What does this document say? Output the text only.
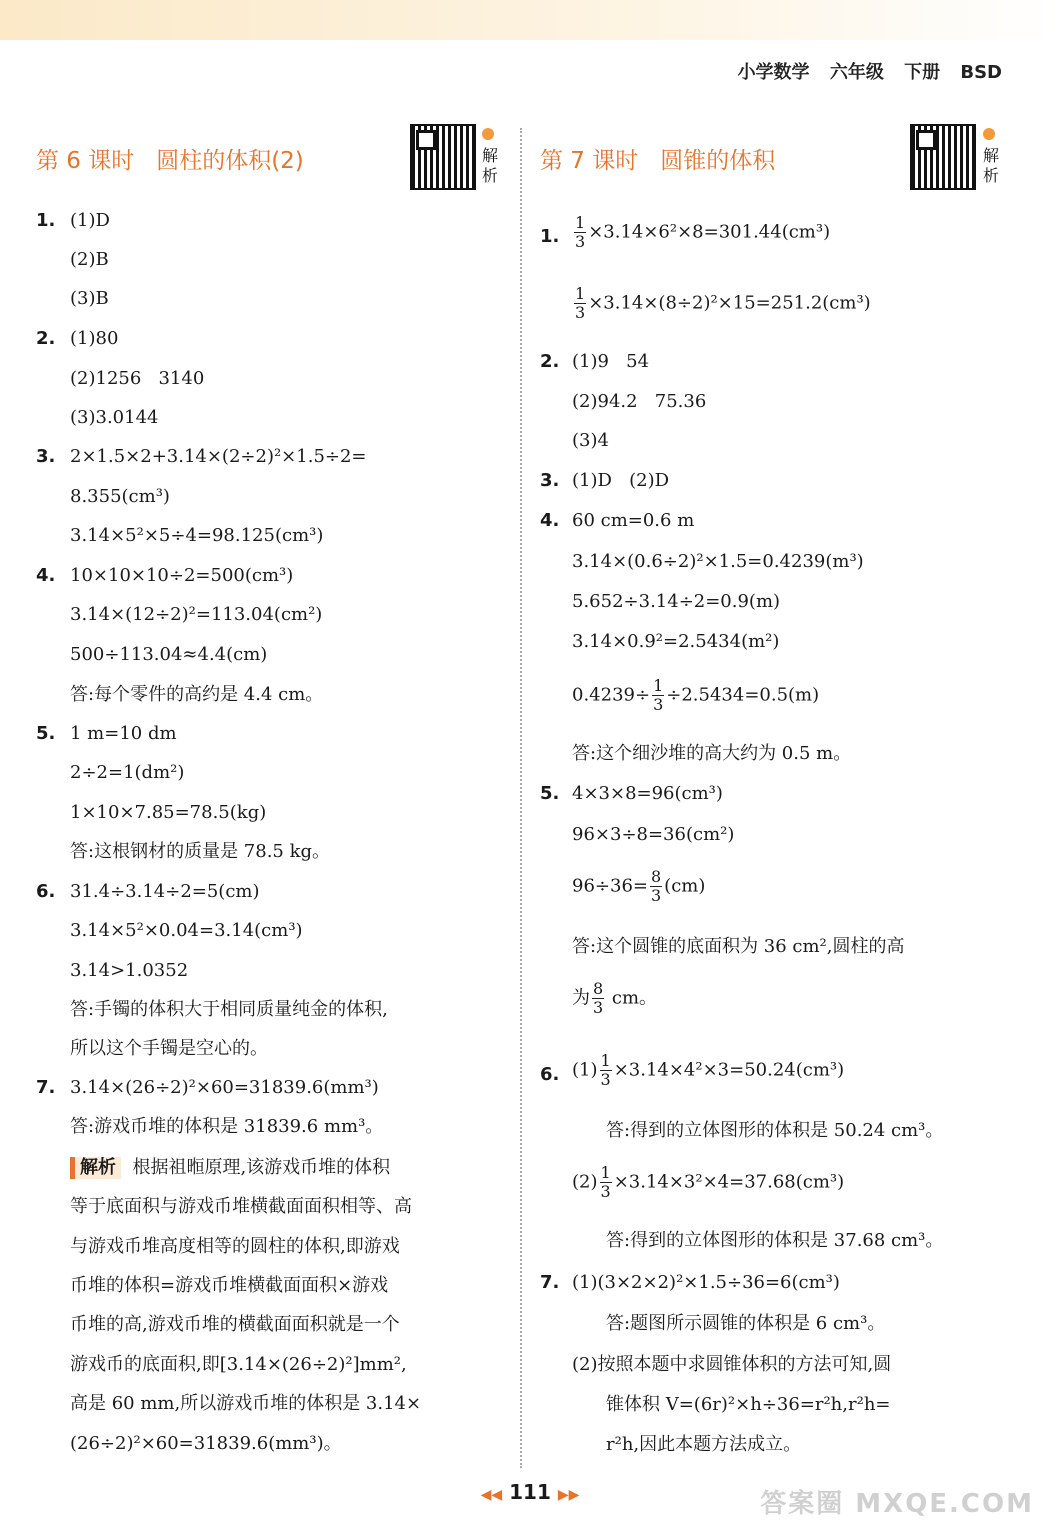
小学数学 六年级 下册 BSD
第 6 课时   圆柱的体积(2)	解析
1. (1)D
(2)B
(3)B
2. (1)80
(2)1256   3140
(3)3.0144
3. 2×1.5×2+3.14×(2÷2)²×1.5÷2=
8.355(cm³)
3.14×5²×5÷4=98.125(cm³)
4. 10×10×10÷2=500(cm³)
3.14×(12÷2)²=113.04(cm²)
500÷113.04≈4.4(cm)
答:每个零件的高约是 4.4 cm。
5. 1 m=10 dm
2÷2=1(dm²)
1×10×7.85=78.5(kg)
答:这根钢材的质量是 78.5 kg。
6. 31.4÷3.14÷2=5(cm)
3.14×5²×0.04=3.14(cm³)
3.14>1.0352
答:手镯的体积大于相同质量纯金的体积,
所以这个手镯是空心的。
7. 3.14×(26÷2)²×60=31839.6(mm³)
答:游戏币堆的体积是 31839.6 mm³。
解析  根据祖暅原理,该游戏币堆的体积
等于底面积与游戏币堆横截面面积相等、高
与游戏币堆高度相等的圆柱的体积,即游戏
币堆的体积=游戏币堆横截面面积×游戏
币堆的高,游戏币堆的横截面面积就是一个
游戏币的底面积,即[3.14×(26÷2)²]mm²,
高是 60 mm,所以游戏币堆的体积是 3.14×
(26÷2)²×60=31839.6(mm³)。
第 7 课时   圆锥的体积	解析
1. $\frac{1}{3} \times 3.14\times 6^2\times 8=301.44(cm^3)$
$\frac{1}{3} \times 3.14\times(8\div 2)^2\times 15=251.2(cm^3)$
2. (1)9   54
(2)94.2   75.36
(3)4
3. (1)D   (2)D
4. 60 cm=0.6 m
3.14×(0.6÷2)²×1.5=0.4239(m³)
5.652÷3.14÷2=0.9(m)
3.14×0.9²=2.5434(m²)
$0.4239\div \frac{1}{3} \div 2.5434=0.5(m)$
答:这个细沙堆的高大约为 0.5 m。
5. 4×3×8=96(cm³)
96×3÷8=36(cm²)
$96\div 36= \frac{8}{3} (cm)$
答:这个圆锥的底面积为 36 cm²,圆柱的高
为 $\frac{8}{3}$ cm。
6. $(1) \frac{1}{3} \times 3.14\times 4^2\times 3=50.24(cm^3)$
答:得到的立体图形的体积是 50.24 cm³。
$(2) \frac{1}{3} \times 3.14\times 3^2\times 4=37.68(cm^3)$
答:得到的立体图形的体积是 37.68 cm³。
7. (1)(3×2×2)²×1.5÷36=6(cm³)
答:题图所示圆锥的体积是 6 cm³。
(2)按照本题中求圆锥体积的方法可知,圆
锥体积 V=(6r)²×h÷36=r²h,r²h=
r²h,因此本题方法成立。
◀◀ 111 ▶▶	答案圈 MXQE.COM
